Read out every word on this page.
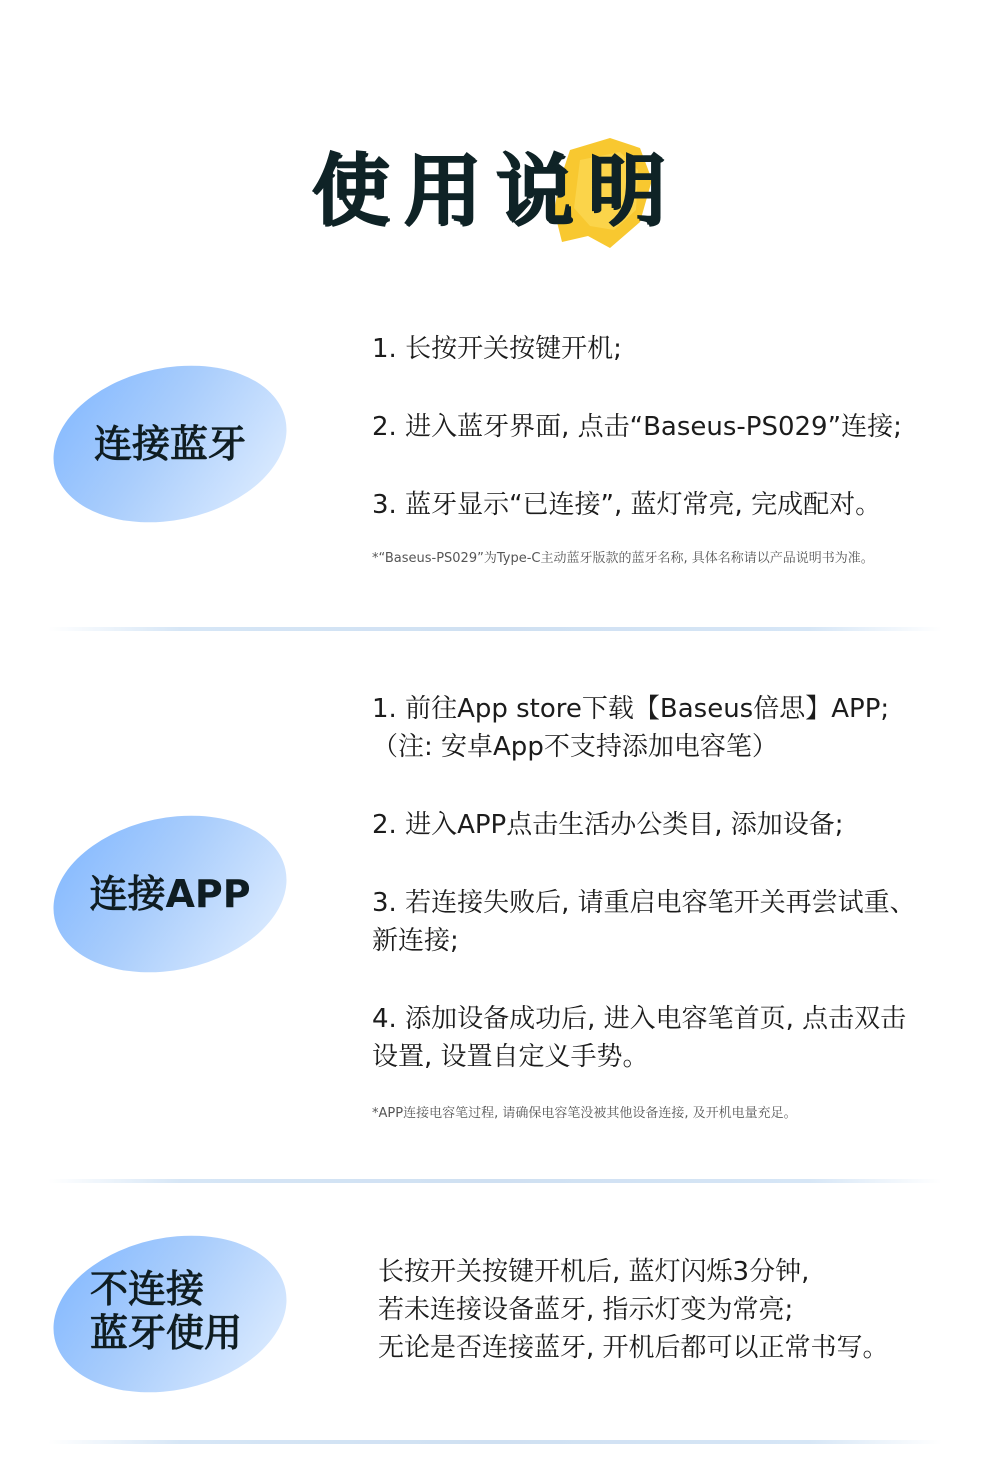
使用说明
连接蓝牙

1. 长按开关按键开机;

2. 进入蓝牙界面, 点击“Baseus-PS029”连接;

3. 蓝牙显示“已连接”, 蓝灯常亮, 完成配对。

*“Baseus-PS029”为Type-C主动蓝牙版款的蓝牙名称, 具体名称请以产品说明书为准。
连接APP

1. 前往App store下载【Baseus倍思】APP;

（注: 安卓App不支持添加电容笔）

2. 进入APP点击生活办公类目, 添加设备;

3. 若连接失败后, 请重启电容笔开关再尝试重、

新连接;

4. 添加设备成功后, 进入电容笔首页, 点击双击

设置, 设置自定义手势。

*APP连接电容笔过程, 请确保电容笔没被其他设备连接, 及开机电量充足。
不连接
蓝牙使用

长按开关按键开机后, 蓝灯闪烁3分钟,

若未连接设备蓝牙, 指示灯变为常亮;

无论是否连接蓝牙, 开机后都可以正常书写。
